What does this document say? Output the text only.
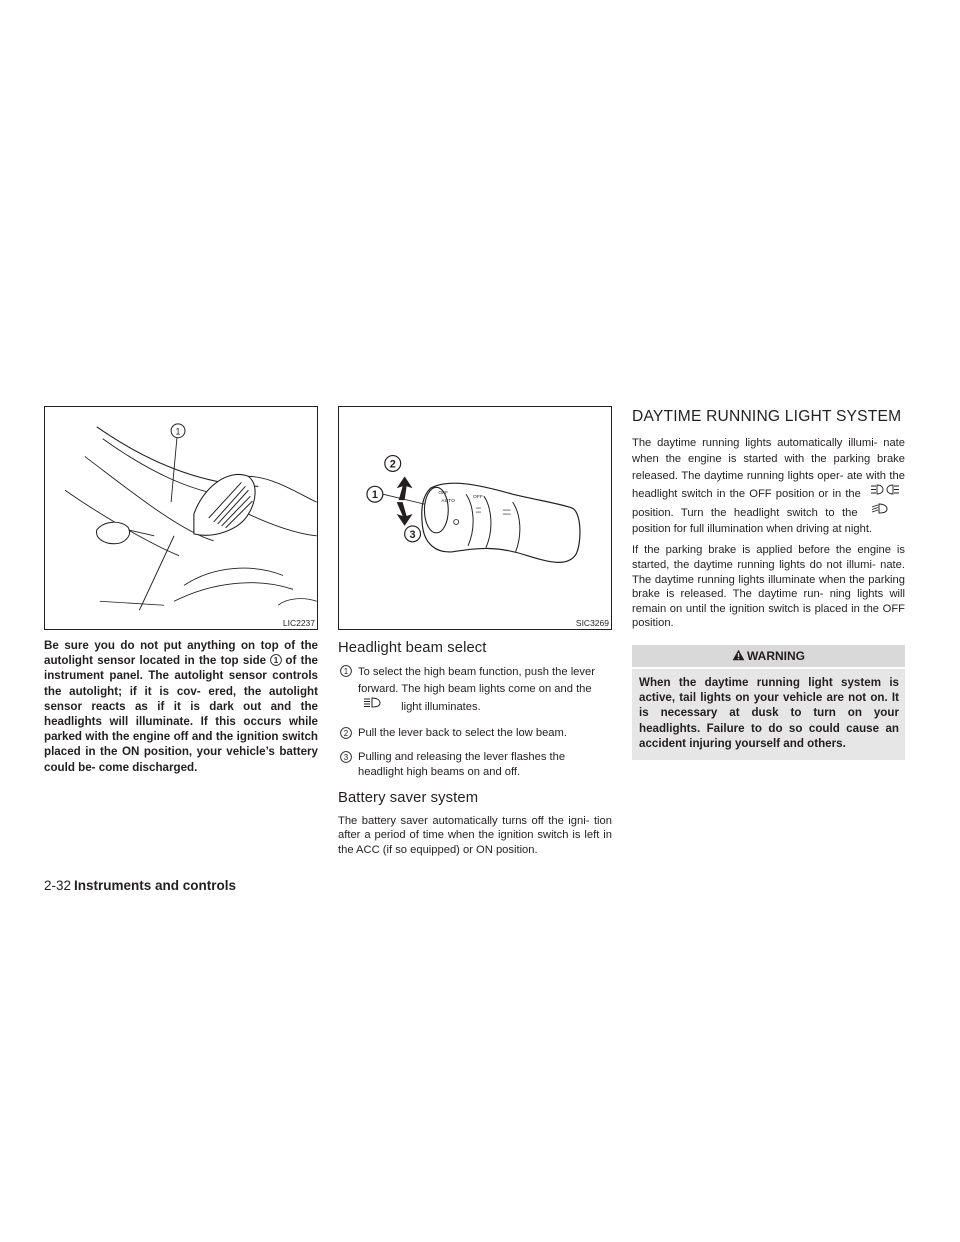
1
LIC2237

Be sure you do not put anything on top of the autolight sensor located in the top side 1 of the instrument panel. The autolight sensor controls the autolight; if it is cov- ered, the autolight sensor reacts as if it is dark out and the headlights will illuminate. If this occurs while parked with the engine off and the ignition switch placed in the ON position, your vehicle’s battery could be- come discharged.

OFF
AUTO
OFF
2
1
3
SIC3269
Headlight beam select
1 To select the high beam function, push the lever forward. The high beam lights come on and the
light illuminates.
2 Pull the lever back to select the low beam.
3 Pulling and releasing the lever flashes the headlight high beams on and off.
Battery saver system

The battery saver automatically turns off the igni- tion after a period of time when the ignition switch is left in the ACC (if so equipped) or ON position.

DAYTIME RUNNING LIGHT SYSTEM

The daytime running lights automatically illumi- nate when the engine is started with the parking brake released. The daytime running lights oper- ate with the headlight switch in the OFF position or in the
position. Turn the headlight switch to the
position for full illumination when driving at night.

If the parking brake is applied before the engine is started, the daytime running lights do not illumi- nate. The daytime running lights illuminate when the parking brake is released. The daytime run- ning lights will remain on until the ignition switch is placed in the OFF position.

WARNING
When the daytime running light system is active, tail lights on your vehicle are not on. It is necessary at dusk to turn on your headlights. Failure to do so could cause an accident injuring yourself and others.
2-32 Instruments and controls
